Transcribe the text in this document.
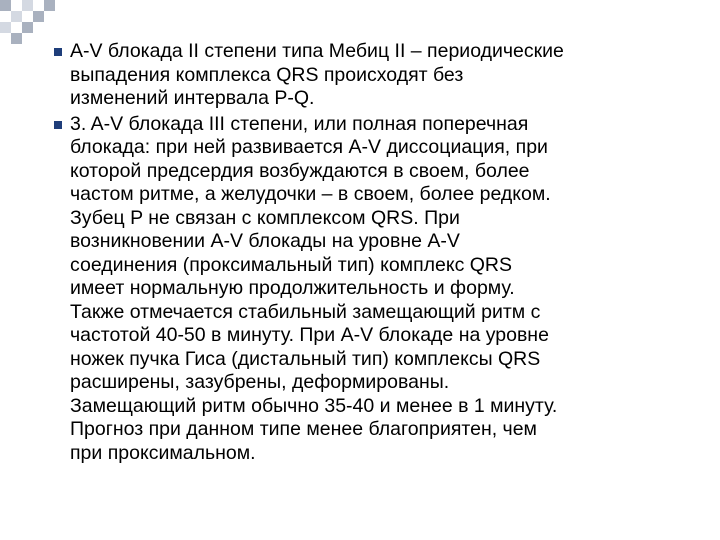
A-V блокада II степени типа Мебиц II – периодические
выпадения комплекса QRS происходят без
изменений интервала P-Q.
3. A-V блокада III степени, или полная поперечная
блокада: при ней развивается A-V диссоциация, при
которой предсердия возбуждаются в своем, более
частом ритме, а желудочки – в своем, более редком.
Зубец P не связан с комплексом QRS. При
возникновении A-V блокады на уровне A-V
соединения (проксимальный тип) комплекс QRS
имеет нормальную продолжительность и форму.
Также отмечается стабильный замещающий ритм с
частотой 40-50 в минуту. При A-V блокаде на уровне
ножек пучка Гиса (дистальный тип) комплексы QRS
расширены, зазубрены, деформированы.
Замещающий ритм обычно 35-40 и менее в 1 минуту.
Прогноз при данном типе менее благоприятен, чем
при проксимальном.
